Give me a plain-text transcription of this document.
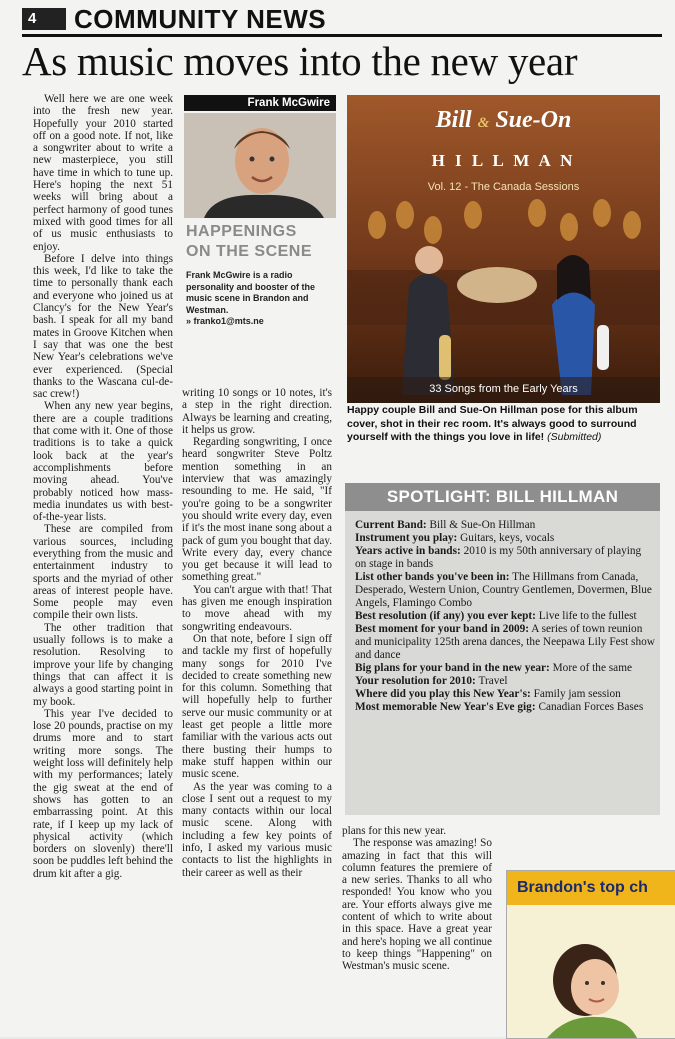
4	COMMUNITY NEWS
As music moves into the new year

Well here we are one week into the fresh new year. Hopefully your 2010 started off on a good note. If not, like a songwriter about to write a new masterpiece, you still have time in which to tune up. Here's hoping the next 51 weeks will bring about a perfect harmony of good tunes mixed with good times for all of us music enthusiasts to enjoy.

Before I delve into things this week, I'd like to take the time to personally thank each and everyone who joined us at Clancy's for the New Year's bash. I speak for all my band mates in Groove Kitchen when I say that was one the best New Year's celebrations we've ever experienced. (Special thanks to the Wascana cul-de-sac crew!)

When any new year begins, there are a couple traditions that come with it. One of those traditions is to take a quick look back at the year's accomplishments before moving ahead. You've probably noticed how mass-media inundates us with best-of-the-year lists.

These are compiled from various sources, including everything from the music and entertainment industry to sports and the myriad of other areas of interest people have. Some people may even compile their own lists.

The other tradition that usually follows is to make a resolution. Resolving to improve your life by changing things that can affect it is always a good starting point in my book.

This year I've decided to lose 20 pounds, practise on my drums more and to start writing more songs. The weight loss will definitely help with my performances; lately the gig sweat at the end of shows has gotten to an embarrassing point. At this rate, if I keep up my lack of physical activity (which borders on slovenly) there'll soon be puddles left behind the drum kit after a gig.

Frank McGwire
HAPPENINGS
ON THE SCENE
Frank McGwire is a radio personality and booster of the music scene in Brandon and Westman.
» franko1@mts.ne

writing 10 songs or 10 notes, it's a step in the right direction. Always be learning and creating, it helps us grow.

Regarding songwriting, I once heard songwriter Steve Poltz mention something in an interview that was amazingly resounding to me. He said, "If you're going to be a songwriter you should write every day, even if it's the most inane song about a pack of gum you bought that day. Write every day, every chance you get because it will lead to something great."

You can't argue with that! That has given me enough inspiration to move ahead with my songwriting endeavours.

On that note, before I sign off and tackle my first of hopefully many songs for 2010 I've decided to create something new for this column. Something that will hopefully help to further serve our music community or at least get people a little more familiar with the various acts out there busting their humps to make stuff happen within our music scene.

As the year was coming to a close I sent out a request to my many contacts within our local music scene. Along with including a few key points of info, I asked my various music contacts to list the highlights in their career as well as their

Bill & Sue-On
H I L L M A N
Vol. 12 - The Canada Sessions
33 Songs from the Early Years
Happy couple Bill and Sue-On Hillman pose for this album cover, shot in their rec room. It's always good to surround yourself with the things you love in life! (Submitted)
SPOTLIGHT: BILL HILLMAN
Current Band: Bill & Sue-On Hillman
Instrument you play: Guitars, keys, vocals
Years active in bands: 2010 is my 50th anniversary of playing on stage in bands
List other bands you've been in: The Hillmans from Canada, Desperado, Western Union, Country Gentlemen, Dovermen, Blue Angels, Flamingo Combo
Best resolution (if any) you ever kept: Live life to the fullest
Best moment for your band in 2009: A series of town reunion and municipality 125th arena dances, the Neepawa Lily Fest show and dance
Big plans for your band in the new year: More of the same
Your resolution for 2010: Travel
Where did you play this New Year's: Family jam session
Most memorable New Year's Eve gig: Canadian Forces Bases

plans for this new year.

The response was amazing! So amazing in fact that this will column features the premiere of a new series. Thanks to all who responded! You know who you are. Your efforts always give me content of which to write about in this space. Have a great year and here's hoping we all continue to keep things "Happening" on Westman's music scene.

Brandon's top ch
